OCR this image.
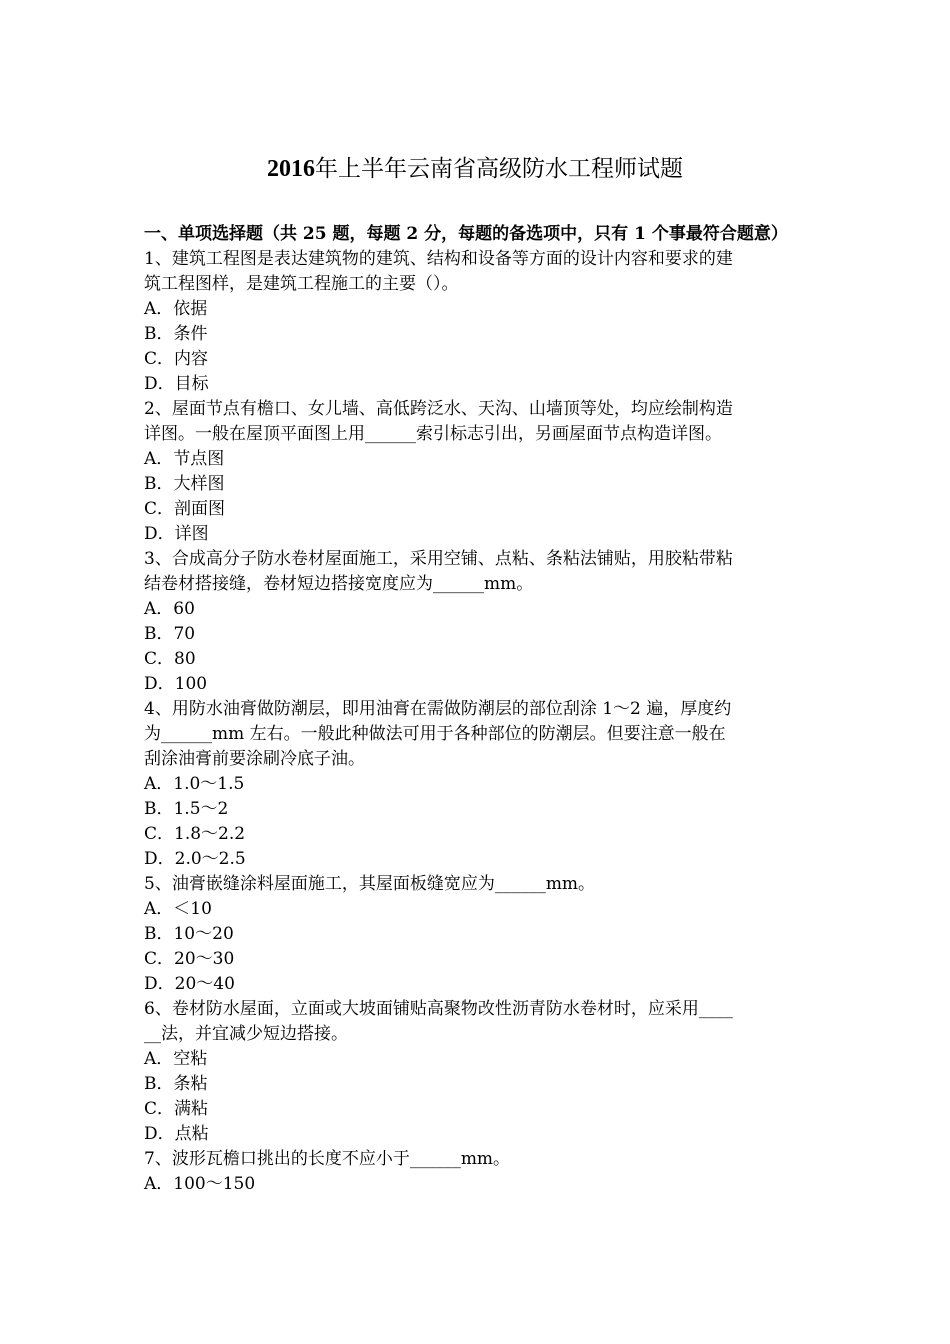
2016年上半年云南省高级防水工程师试题
一、单项选择题（共 25 题，每题 2 分，每题的备选项中，只有 1 个事最符合题意）
1、建筑工程图是表达建筑物的建筑、结构和设备等方面的设计内容和要求的建
筑工程图样，是建筑工程施工的主要（）。
A．依据
B．条件
C．内容
D．目标
2、屋面节点有檐口、女儿墙、高低跨泛水、天沟、山墙顶等处，均应绘制构造
详图。一般在屋顶平面图上用______索引标志引出，另画屋面节点构造详图。
A．节点图
B．大样图
C．剖面图
D．详图
3、合成高分子防水卷材屋面施工，采用空铺、点粘、条粘法铺贴，用胶粘带粘
结卷材搭接缝，卷材短边搭接宽度应为______mm。
A．60
B．70
C．80
D．100
4、用防水油膏做防潮层，即用油膏在需做防潮层的部位刮涂 1～2 遍，厚度约
为______mm 左右。一般此种做法可用于各种部位的防潮层。但要注意一般在
刮涂油膏前要涂刷冷底子油。
A．1.0～1.5
B．1.5～2
C．1.8～2.2
D．2.0～2.5
5、油膏嵌缝涂料屋面施工，其屋面板缝宽应为______mm。
A．＜10
B．10～20
C．20～30
D．20～40
6、卷材防水屋面，立面或大坡面铺贴高聚物改性沥青防水卷材时，应采用____
__法，并宜减少短边搭接。
A．空粘
B．条粘
C．满粘
D．点粘
7、波形瓦檐口挑出的长度不应小于______mm。
A．100～150
